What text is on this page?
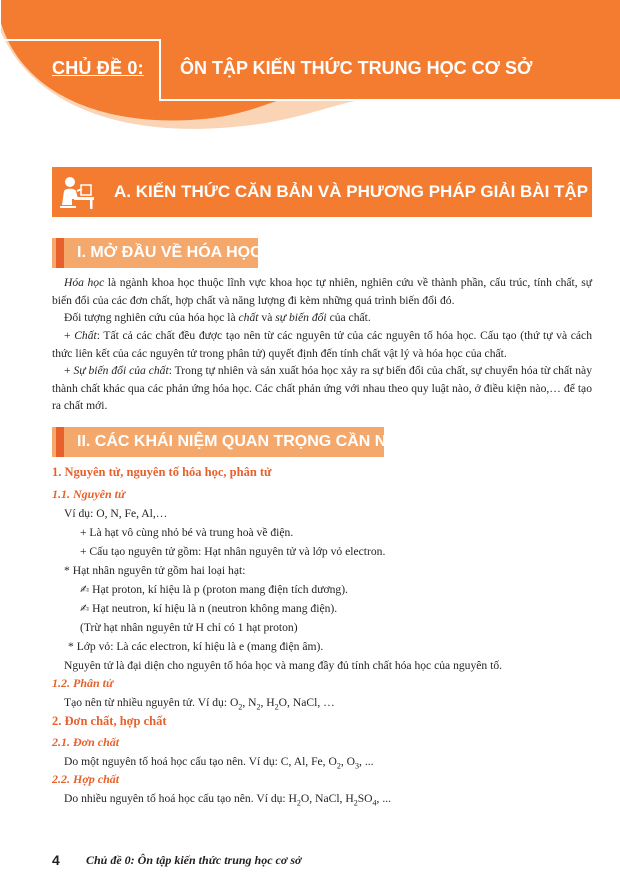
CHỦ ĐỀ 0: ÔN TẬP KIẾN THỨC TRUNG HỌC CƠ SỞ
A. KIẾN THỨC CĂN BẢN VÀ PHƯƠNG PHÁP GIẢI BÀI TẬP
I. MỞ ĐẦU VỀ HÓA HỌC
Hóa học là ngành khoa học thuộc lĩnh vực khoa học tự nhiên, nghiên cứu về thành phần, cấu trúc, tính chất, sự biến đổi của các đơn chất, hợp chất và năng lượng đi kèm những quá trình biến đổi đó.
Đối tượng nghiên cứu của hóa học là chất và sự biến đổi của chất.
+ Chất: Tất cả các chất đều được tạo nên từ các nguyên tử của các nguyên tố hóa học. Cấu tạo (thứ tự và cách thức liên kết của các nguyên tử trong phân tử) quyết định đến tính chất vật lý và hóa học của chất.
+ Sự biến đổi của chất: Trong tự nhiên và sản xuất hóa học xảy ra sự biến đổi của chất, sự chuyển hóa từ chất này thành chất khác qua các phản ứng hóa học. Các chất phản ứng với nhau theo quy luật nào, ở điều kiện nào,… để tạo ra chất mới.
II. CÁC KHÁI NIỆM QUAN TRỌNG CẦN NHỚ
1. Nguyên tử, nguyên tố hóa học, phân tử
1.1. Nguyên tử
Ví dụ: O, N, Fe, Al,…
+ Là hạt vô cùng nhỏ bé và trung hoà về điện.
+ Cấu tạo nguyên tử gồm: Hạt nhân nguyên tử và lớp vỏ electron.
* Hạt nhân nguyên tử gồm hai loại hạt:
✍ Hạt proton, kí hiệu là p (proton mang điện tích dương).
✍ Hạt neutron, kí hiệu là n (neutron không mang điện).
(Trừ hạt nhân nguyên tử H chỉ có 1 hạt proton)
* Lớp vỏ: Là các electron, kí hiệu là e (mang điện âm).
Nguyên tử là đại diện cho nguyên tố hóa học và mang đầy đủ tính chất hóa học của nguyên tố.
1.2. Phân tử
Tạo nên từ nhiều nguyên tử. Ví dụ: $O_2$, $N_2$, $H_2O$, NaCl, …
2. Đơn chất, hợp chất
2.1. Đơn chất
Do một nguyên tố hoá học cấu tạo nên. Ví dụ: C, Al, Fe, $O_2$, $O_3$, ...
2.2. Hợp chất
Do nhiều nguyên tố hoá học cấu tạo nên. Ví dụ: $H_2O$, NaCl, $H_2SO_4$, ...
4 Chủ đề 0: Ôn tập kiến thức trung học cơ sở
